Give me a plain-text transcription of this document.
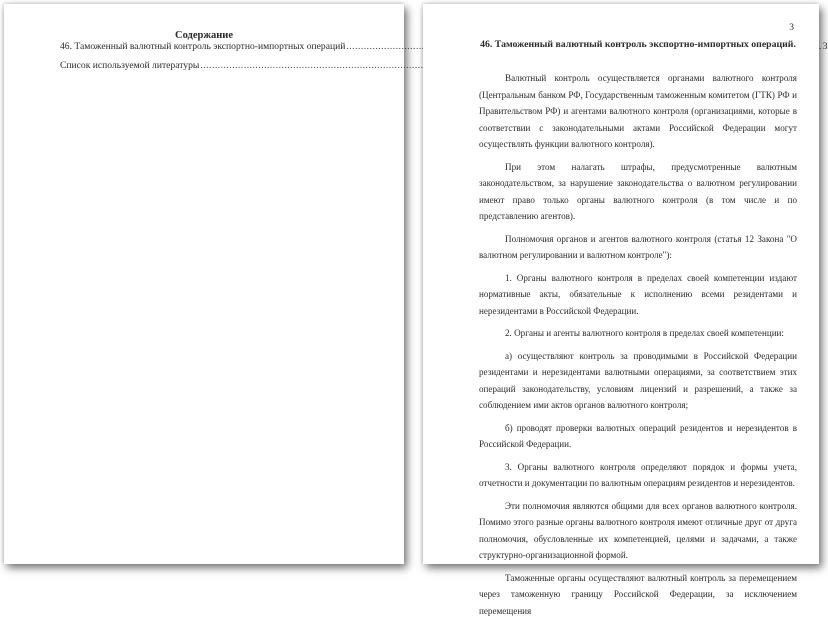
Содержание
46. Таможенный валютный контроль экспортно-импортных операций
.....	3
Список используемой литературы
.....
3
46. Таможенный валютный контроль экспортно-импортных операций.

Валютный контроль осуществляется органами валютного контроля (Центральным банком РФ, Государственным таможенным комитетом (ГТК) РФ и Правительством РФ) и агентами валютного контроля (организациями, которые в соответствии с законодательными актами Российской Федерации могут осуществлять функции валютного контроля).

При этом налагать штрафы, предусмотренные валютным законодательством, за нарушение законодательства о валютном регулировании имеют право только органы валютного контроля (в том числе и по представлению агентов).

Полномочия органов и агентов валютного контроля (статья 12 Закона "О валютном регулировании и валютном контроле"):

1. Органы валютного контроля в пределах своей компетенции издают нормативные акты, обязательные к исполнению всеми резидентами и нерезидентами в Российской Федерации.

2. Органы и агенты валютного контроля в пределах своей компетенции:

а) осуществляют контроль за проводимыми в Российской Федерации резидентами и нерезидентами валютными операциями, за соответствием этих операций законодательству, условиям лицензий и разрешений, а также за соблюдением ими актов органов валютного контроля;

б) проводят проверки валютных операций резидентов и нерезидентов в Российской Федерации.

3. Органы валютного контроля определяют порядок и формы учета, отчетности и документации по валютным операциям резидентов и нерезидентов.

Эти полномочия являются общими для всех органов валютного контроля. Помимо этого разные органы валютного контроля имеют отличные друг от друга полномочия, обусловленные их компетенцией, целями и задачами, а также структурно-организационной формой.

Таможенные органы осуществляют валютный контроль за перемещением через таможенную границу Российской Федерации, за исключением перемещения
